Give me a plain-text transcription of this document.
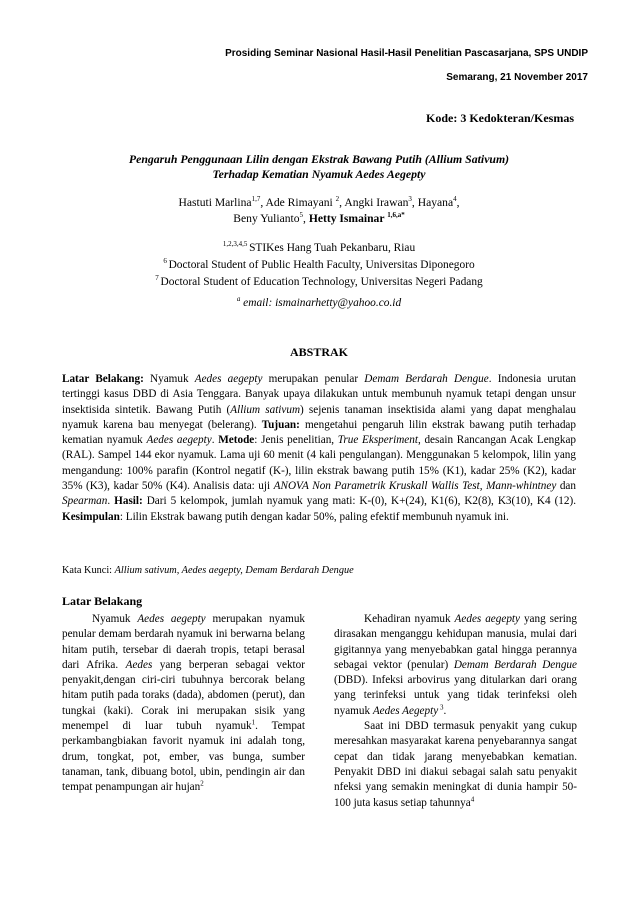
Prosiding Seminar Nasional Hasil-Hasil Penelitian Pascasarjana, SPS UNDIP
Semarang, 21 November 2017
Kode: 3 Kedokteran/Kesmas
Pengaruh Penggunaan Lilin dengan Ekstrak Bawang Putih (Allium Sativum)
Terhadap Kematian Nyamuk Aedes Aegepty
Hastuti Marlina$^{1,7}$, Ade Rimayani $^2$, Angki Irawan$^3$, Hayana$^4$,
Beny Yulianto$^5$, Hetty Ismainar $^{1,6,a*}$
$^{1,2,3,4,5}$ STIKes Hang Tuah Pekanbaru, Riau
$^6$ Doctoral Student of Public Health Faculty, Universitas Diponegoro
$^7$ Doctoral Student of Education Technology, Universitas Negeri Padang
$^a$ email: ismainarhetty@yahoo.co.id
ABSTRAK
Latar Belakang: Nyamuk Aedes aegepty merupakan penular Demam Berdarah Dengue. Indonesia urutan tertinggi kasus DBD di Asia Tenggara. Banyak upaya dilakukan untuk membunuh nyamuk tetapi dengan unsur insektisida sintetik. Bawang Putih (Allium sativum) sejenis tanaman insektisida alami yang dapat menghalau nyamuk karena bau menyegat (belerang). Tujuan: mengetahui pengaruh lilin ekstrak bawang putih terhadap kematian nyamuk Aedes aegepty. Metode: Jenis penelitian, True Eksperiment, desain Rancangan Acak Lengkap (RAL). Sampel 144 ekor nyamuk. Lama uji 60 menit (4 kali pengulangan). Menggunakan 5 kelompok, lilin yang mengandung: 100% parafin (Kontrol negatif (K-), lilin ekstrak bawang putih 15% (K1), kadar 25% (K2), kadar 35% (K3), kadar 50% (K4). Analisis data: uji ANOVA Non Parametrik Kruskall Wallis Test, Mann-whintney dan Spearman. Hasil: Dari 5 kelompok, jumlah nyamuk yang mati: K-(0), K+(24), K1(6), K2(8), K3(10), K4 (12). Kesimpulan: Lilin Ekstrak bawang putih dengan kadar 50%, paling efektif membunuh nyamuk ini.
Kata Kunci: Allium sativum, Aedes aegepty, Demam Berdarah Dengue
Latar Belakang

Nyamuk Aedes aegepty merupakan nyamuk penular demam berdarah nyamuk ini berwarna belang hitam putih, tersebar di daerah tropis, tetapi berasal dari Afrika. Aedes yang berperan sebagai vektor penyakit,dengan ciri-ciri tubuhnya bercorak belang hitam putih pada toraks (dada), abdomen (perut), dan tungkai (kaki). Corak ini merupakan sisik yang menempel di luar tubuh nyamuk$^1$. Tempat perkambangbiakan favorit nyamuk ini adalah tong, drum, tongkat, pot, ember, vas bunga, sumber tanaman, tank, dibuang botol, ubin, pendingin air dan tempat penampungan air hujan$^2$

Kehadiran nyamuk Aedes aegepty yang sering dirasakan menganggu kehidupan manusia, mulai dari gigitannya yang menyebabkan gatal hingga perannya sebagai vektor (penular) Demam Berdarah Dengue (DBD). Infeksi arbovirus yang ditularkan dari orang yang terinfeksi untuk yang tidak terinfeksi oleh nyamuk Aedes Aegepty $^3$.

Saat ini DBD termasuk penyakit yang cukup meresahkan masyarakat karena penyebarannya sangat cepat dan tidak jarang menyebabkan kematian. Penyakit DBD ini diakui sebagai salah satu penyakit nfeksi yang semakin meningkat di dunia hampir 50-100 juta kasus setiap tahunnya$^4$
